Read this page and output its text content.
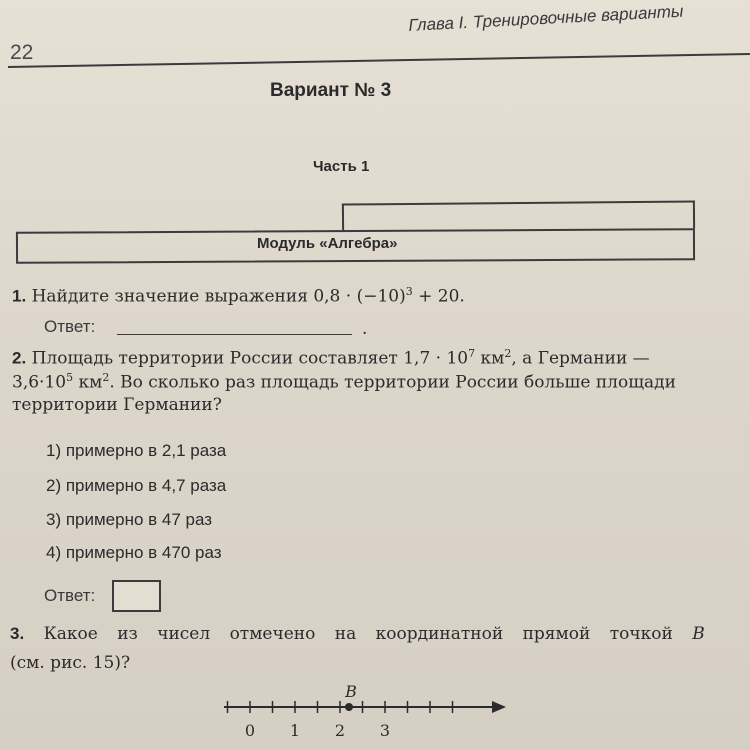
22
Глава I. Тренировочные варианты
Вариант № 3
Часть 1
Модуль «Алгебра»
1. Найдите значение выражения $0,8 \cdot (-10)^3 + 20$.
Ответ:	.
2. Площадь территории России составляет $1,7 \cdot 10^7$ $км^2$, а Германии —
$3,6\cdot 10^5$ $км^2$. Во сколько раз площадь территории России больше площади
территории Германии?
1) примерно в 2,1 раза
2) примерно в 4,7 раза
3) примерно в 47 раз
4) примерно в 470 раз
Ответ:
3. Какое из чисел отмечено на координатной прямой точкой B
(см. рис. 15)?
B
0 1 2 3
